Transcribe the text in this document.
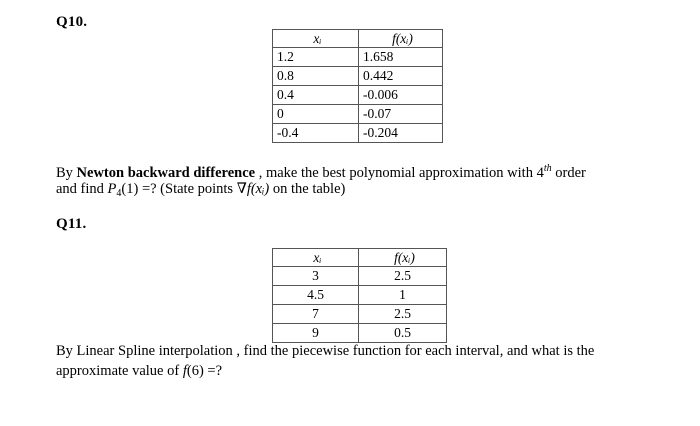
Q10.
xᵢ	f(xᵢ)
1.2	1.658
0.8	0.442
0.4	-0.006
0	-0.07
-0.4	-0.204
By Newton backward difference , make the best polynomial approximation with 4th order
and find $P_4(1)$ =? (State points ∇f(xᵢ) on the table)
Q11.
xᵢ	f(xᵢ)
3	2.5
4.5	1
7	2.5
9	0.5
By Linear Spline interpolation , find the piecewise function for each interval, and what is the
approximate value of f(6) =?
